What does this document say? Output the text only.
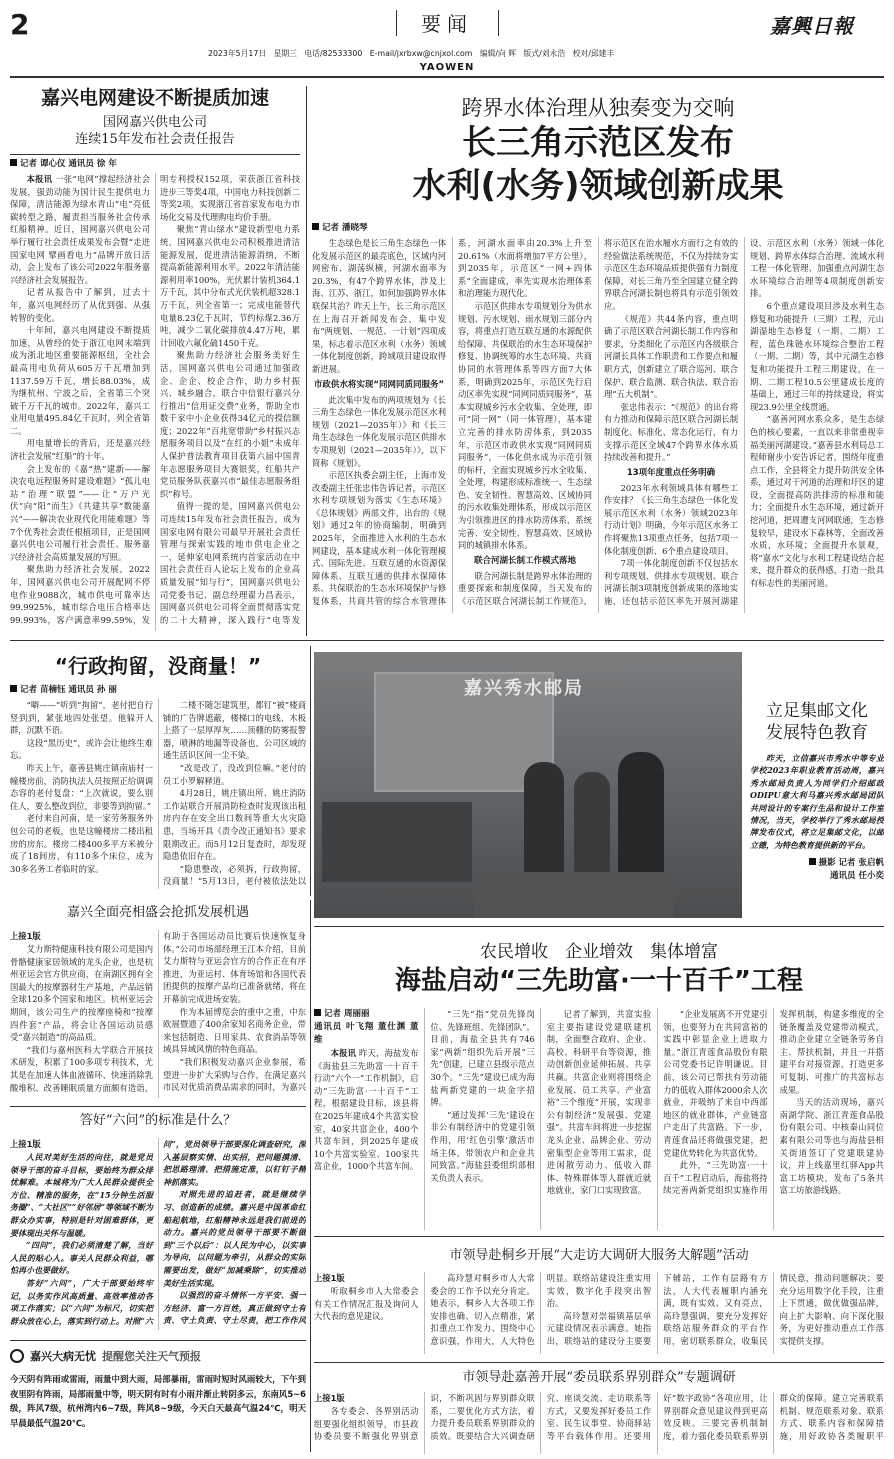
2	要闻	嘉興日報
2023年5月17日 星期三 电话/82533300 E-mail/jxrbxw@cnjxol.com 编辑/向 辉 版式/刘永浩 校对/邱建丰
YAOWEN
嘉兴电网建设不断提质加速
国网嘉兴供电公司
连续15年发布社会责任报告
记者 谭心仪 通讯员 徐 年

本报讯 一张“电网”撑起经济社会发展，强劲动能为国计民生提供电力保障，清洁能源为绿水青山“电”亮低碳转型之路，履责担当服务社会传承红船精神。近日，国网嘉兴供电公司举行履行社会责任成果发布会暨“走进国家电网 擘画看电力”品牌开放日活动，会上发布了该公司2022年服务嘉兴经济社会发展报告。

记者从报告中了解到，过去十年，嘉兴电网经历了从优到强、从强转智的变化。

十年间，嘉兴电网建设不断提质加速，从曾经的处于浙江电网末端到成为浙北地区重要能源枢纽，全社会最高用电负荷从605万千瓦增加到1137.59万千瓦，增长88.03%，成为继杭州、宁波之后，全省第三个突破千万千瓦的城市。2022年，嘉兴工业用电量495.84亿千瓦时，列全省第二。

用电量增长的背后，还是嘉兴经济社会发展“红船”的十年。

会上发布的《嘉“热”建新——解决农电远程服务时建设难题》“孤儿电站”治理“联盟”——让“万户光伏”向“阳”而生》《共建共享“数能嘉兴”——解决农业现代化用能难题》等7个优秀社会责任根植项目，正是国网嘉兴供电公司履行社会责任、服务嘉兴经济社会高质量发展的写照。

聚焦助力经济社会发展，2022年，国网嘉兴供电公司开展配网不停电作业9088次，城市供电可靠率达99.9925%，城市综合电压合格率达99.993%，客户满意率99.59%，发明专利授权152项，荣获浙江省科技进步三等奖4项，中国电力科技创新二等奖2项，实现浙江省首家发布电力市场化交易及代理购电均价手册。

聚焦“青山绿水”建设新型电力系统，国网嘉兴供电公司积极推进清洁能源发展，促进清洁能源消纳，不断提高新能源利用水平。2022年清洁能源利用率100%，光伏累计装机364.1万千瓦，其中分布式光伏装机超328.1万千瓦，列全省第一；完成电能替代电量8.23亿千瓦时，节约标煤2.36万吨，减少二氧化碳排放4.47万吨，累计回收六氟化硫1450千克。

聚焦助力经济社会服务美好生活，国网嘉兴供电公司通过加强政企、企企、校企合作，助力乡村振兴、城乡融合，联合中信银行嘉兴分行推出“信用证交费”业务，帮助全市数千家中小企业获得34亿元的授信额度；2022年“百兆宽带助”乡村振兴志愿服务项目以及“在红的小姐”未成年人保护普法教育项目获第六届中国青年志愿服务项目大赛银奖，红船共产党员服务队获嘉兴市“最佳志愿服务组织”称号。

值得一提的是，国网嘉兴供电公司连续15年发布社会责任报告，成为国家电网有限公司最早开展社会责任管理与探索实践的地市供电企业之一，延伸家电网系统内首家活动在中国社会责任百人论坛上发布的企业高质量发展“知与行”，国网嘉兴供电公司党委书记、副总经理翟力昌表示，国网嘉兴供电公司将全面贯彻落实党的二十大精神，深入践行“电等发

跨界水体治理从独奏变为交响
长三角示范区发布
水利(水务)领域创新成果
记者 潘晓琴

生态绿色是长三角生态绿色一体化发展示范区的最亮底色，区域内河网密布、湖荡纵横，河湖水面率为20.3%，有47个跨界水体，涉及上海、江苏、浙江，如何加强跨界水体联保共治？昨天上午，长三角示范区在上海召开新闻发布会，集中发布“两规划、一规范、一计划”四项成果，标志着示范区水利（水务）领域一体化制度创新，跨域项目建设取得新进展。

市政供水将实现“同网同质同服务”

此次集中发布的两项规划为《长三角生态绿色一体化发展示范区水利规划（2021—2035年）》和《长三角生态绿色一体化发展示范区供排水专项规划（2021—2035年）》，以下简称《规划》。

示范区执委会副主任，上海市发改委副主任张忠伟告诉记者，示范区水利专项规划为落实《生态环境》《总体规划》两部文件，出台的《规划》通过2年的协商编制，明确到2025年，全面推进入水利的生态水网建设，基本建成水利一体化管理模式、国际先进、互联互通的水资源保障体系、互联互通的供排水保障体系、共保联治的生态水环境保护与修复体系，共商共管的综合水管理体系，河湖水面率由20.3%上升至20.61%（水面将增加7平方公里），到2035年，示范区“一网+四体系”全面建成，率先实现水治理体系和治理能力现代化。

示范区供排水专项规划分为供水规划、污水规划、雨水规划三部分内容，将重点打造互联互通的水源配供给保障、共保联治的水生态环境保护修复、协调统筹的水生态环境、共商协同的水管理体系等四方面7大体系，明确到2025年，示范区先行启动区率先实现“同网同质同服务”，基本实现城乡污水全收集、全处理，即可“同一网”（同一体管理），基本建立完善的排水防涝体系，到2035年，示范区市政供水实现“同网同质同服务”，一体化供水成为示范引领的标杆，全面实现城乡污水全收集、全处理，构建形成标准统一、生态绿色、安全韧性、智慧高效、区域协同的污水收集处理体系，形成以示范区为引领推进区的排水防涝体系，系统完善、安全韧性、智慧高效、区域协同的城镇排水体系。

联合河湖长制工作模式落地

联合河湖长制是跨界水体治理的重要探索和制度保障，当天发布的《示范区联合河湖长制工作规范》，将示范区在治水履水方面行之有效的经验做法系统规范，不仅为持续夯实示范区生态环境品质提供强有力制度保障，对长三角乃至全国建立健全跨界联合河湖长制也将具有示范引领效应。

《规范》共44条内容，重点明确了示范区联合河湖长制工作内容和要求，分类细化了示范区内各级联合河湖长具体工作职责和工作要点和履职方式，创新建立了联合巡河、联合保护、联合监测、联合执法、联合治理“五大机制”。

张忠伟表示：“《规范》的出台将有力推动和保障示范区联合河湖长制制度化、标准化、常态化运行，有力支撑示范区全域47个跨界水体水质持续改善和提升。”

13项年度重点任务明确

2023年水利领域具体有哪些工作安排？《长三角生态绿色一体化发展示范区水利（水务）领域2023年行动计划》明确，今年示范区水务工作将聚焦13项重点任务，包括7项一体化制度创新、6个重点建设项目。

7项一体化制度创新不仅包括水利专项规划、供排水专项规划、联合河湖长制3项制度创新成果的落地实施，还包括示范区率先开展河湖建设、示范区水利（水务）领域一体化规划、跨界水体综合治理、流域水利工程一体化管理、加强重点河湖生态水环境综合治理等4项制度创新安排。

6个重点建设项目涉及水利生态修复和功能提升（三期）工程，元山湖湿地生态修复（一期、二期）工程，蓝色珠链水环境综合整治工程（一期、二期）等，其中元湖生态修复和功能提升工程三期建设，在一期、二期工程10.5公里建成长度的基础上，通过三年的持续建设，将实现23.9公里全线贯通。

“嘉善河网水系众多，是生态绿色的核心要素，一直以来非常重视幸福美丽河湖建设。”嘉善县水利局总工程师谢步小安告诉记者，围绕年度重点工作，全县将全力提升防洪安全体系，通过对干河道的治理和圩区的建设，全面提高防洪排涝的标准和能力；全面提升水生态环境，通过新开挖河道，把周遭支河网联通，生态修复较早，建设水下森林等，全面改善水质，水环境；全面提升水景观，将“嘉水”文化与水利工程建设结合起来，提升群众的获得感，打造一批具有标志性的美丽河道。

“行政拘留，没商量！”
记者 苗楠钰 通讯员 孙 丽

“噼——”听到“拘留”，老付把自行竖到到，紧张地四处张望。他躲开人群，沉默不语。

这段“黑历史”，或许会让他终生难忘。

昨天上午，嘉善县姚庄镇南庙村一幢楼房前，消防执法人员按照正给调调态容的老付复盘：“上次就说，要么别住人，要么整改到位，非要等到拘留。”

老付来自河南，是一家劳务服务外包公司的老板，也是这幢楼房二楼出租房的房东。楼房二楼400多平方米被分成了18间房，有110多个床位，成为30多名务工者临时的家。

二楼不随怎建筑里，都钉“被”楼商铺的广告牌遮蔽，楼梯口的电线、木板上搭了一层厚厚灰……顶棚的防雾报警器，喷淋的地漏等设备也，公司区域的通生活识区间一尘不染。

“改是改了，没改到位嘛。”老付的员工小罗解释道。

4月28日，姚庄镇出所、姚庄消防工作站联合开展消防检查时发现该出租房内存在安全出口数间等重大火灾隐患，当场开具《责令改正通知书》要求限期改正。而5月12日复查时，却发现隐患依旧存在。

“隐患整改，必须拆，行政拘留，没商量！”5月13日，老付被依法处以

嘉兴秀水邮局
立足集邮文化
发展特色教育

昨天，立信嘉兴市秀水中等专业学校2023年职业教育活动周，嘉兴秀水邮局负责人为同学们介绍邮政ODIPU意大利马嘉兴秀水邮局团队共同设计的专案行生品和设计工作室情况，当天，学校举行了秀水邮局授牌发布仪式，将立足集邮文化，以邮立德，为特色教育提供新的平台。

摄影 记者 张启帆
通讯员 任小奕
嘉兴全面亮相盛会抢抓发展机遇
上接1版

艾力斯特健康科技有限公司是国内骨骼健康家居领域的龙头企业，也是杭州亚运会官方供应商，在南湖区拥有全国最大的按摩器材生产基地，产品远销全球120多个国家和地区。杭州亚运会期间，该公司生产的按摩座椅和“按摩四件套”产品，将会让各国运动员感受“嘉兴制造”的高品质。

“我们与嘉州医科大学联合开展技术研发，积累了100多项专利技术，尤其是在加速人体血液循环、快速消除乳酸堆积、改善睡眠质量方面颇有造诣，有助于各国运动员比赛后快速恢复身体。”公司市场部经理王江本介绍，目前艾力斯特与亚运会官方的合作正在有序推进，为亚运村、体育场馆和各国代表团提供的按摩产品均已准备就绪，将在开幕前完成进场安装。

作为本届博览会的重中之重，中东欧展暨遗了400余家知名商务企业，带来包括制造、日用家具、农食消品等领域具异域风情的特色商品。

“我们积极发动嘉兴企业参展，希望进一步扩大采购与合作，在满足嘉兴市民对优质消费品需求的同时，为嘉兴

农民增收　企业增效　集体增富
海盐启动“三先助富·一十百千”工程
记者 周丽丽
通讯员 叶飞翔 董仕渊 董 维

本报讯 昨天，海盐发布《海盐县三先助富一十百千行动“六个一”工作机制》，启动“三先助富·一十百千”工程，根据建设目标，该县将在2025年建成4个共富实验室，40家共富企业，400个共富车间，到2025年建成10个共富实验室、100家共富企业，1000个共富车间。

“三先”指“党员先锋岗位、先锋班组、先锋团队”。目前，海盐全县共有746家“两新”组织先后开展“三先”创建，已建立县级示范点30个。“三先”建设已成为海盐两新党建的一块金字招牌。

“通过发挥‘三先’建设在非公有制经济中的党建引领作用，用‘红色引擎’激活市场主体，带领农户和企业共同致富。”海盐县委组织部相关负责人表示。

记者了解到，共富实验室主要指建设党建联建机制，全面整合政府、企业、高校、科研平台等资源，推动创新创业延伸拓展、共享共赢。共富企业则将围绕企业发展、员工共享、产业富裕“三个维度”开展，实现非公有制经济“发展强、党建强”。共富车间将进一步挖掘龙头企业、品牌企业、劳动密集型企业等用工需求，促进闲散劳动力、低收入群体、特殊群体等人群就近就地就业，家门口实现致富。

“企业发展离不开党建引领，也要努力在共同富裕的实践中彰显企业上进取力量。”浙江青莲食品股份有限公司党委书记许明谦说。目前，该公司已帮扶有劳动能力的低收入群体2000余人次就业，并吸纳了来自中西部地区的就业群体，产业链富户走出了共富路。下一步，青莲食品还将做强党建，把党建优势转化为共富优势。

此外，“三先助富·一十百千”工程启动后，海盐将持续完善两新党组织实施作用发挥机制，构建多维度的全链条覆盖及党建带动模式，推动企业建立全链条劳务自主、帮扶机制，并且一并搭建平台对接资源，打造更多可复制、可推广的共富标志成果。

当天的活动现场，嘉兴南湖学院、浙江青莲食品股份有限公司、中核秦山同位素有限公司等也与海盐县相关街道签订了党建联建协议，并上线嘉里红驿App共富工坊模块，发布了5条共富工坊旅游线路。

答好“六问”的标准是什么？
上接1版

人民对美好生活的向往，就是党员领导干部的奋斗目标，要始终为群众排忧解难。本城将为广大人民群众提供全方位、精准的服务，在“15分钟生活服务圈”、“大社区”“好邻居”等领域不断为群众办实事，特别是针对困难群体，更要体现出关怀与温暖。

“四问”，我们必须清楚了解，当好人民的贴心人。事关人民群众利益，哪怕再小也要做好。

答好“六问”，广大干部要始终牢记，以务实作风高质量、高效率推动各项工作落实；以“六问”为标尺，切实把群众放在心上，落实到行动上。对照“六问”，党员领导干部要深化调查研究，深入基层察实情、出实招，把问题摸清、把思路理清、把措施定准，以钉钉子精神抓落实。

对照先进的追赶者，就是继续学习、创造新的成绩。嘉兴是中国革命红船起航地，红船精神永远是我们前进的动力。嘉兴的党员领导干部要不断做到“三个以后”：以人民为中心，以实事为导向，以问题为牵引，从群众的实际需要出发，做好“加减乘除”，切实推动美好生活实现。

以强烈的奋斗情怀一方平安、强一方经济、富一方百姓，真正做到守土有责、守土负责、守土尽责，把工作作风

市领导赴桐乡开展“大走访大调研大服务大解题”活动
上接1版

听取桐乡市人大常委会有关工作情况汇报及询问人大代表的意见建议。

高玲慧对桐乡市人大常委会的工作予以充分肯定。她表示，桐乡人大各项工作安排也确、切入点精准，紧扣重点工作发力、围绕中心意识强，作用大，人大特色明显。联络站建设注重实用实效，数字化手段突出智治。

高玲慧对崇福镇基层单元建设情况表示满意。她指出，联络站的建设分主要要下辅站，工作有层路有方法，人大代表履职内涵充满，既有实效、又有亮点，高玲慧强调，要充分发挥好联络站服务群众的平台作用，密切联系群众，收集民情民意，推动问题解决；要充分运用数字化手段，注重上下贯通，做优做强品牌，向上扩大影响、向下深化服务，为更好推动重点工作落实提供支撑。

嘉兴大病无忧 提醒您关注天气预报
今天阴有阵雨或雷雨，雨量中到大雨，局部暴雨，雷雨时短时风雨较大，下午到夜里阴有阵雨，局部雨量中等，明天阴有时有小雨并渐止转阴多云，东南风5~6级，阵风7级，杭州湾内6~7级，阵风8~9级，今天白天最高气温24℃，明天早晨最低气温20℃。
市领导赴嘉善开展“委员联系界别群众”专题调研
上接1版

各专委会、各界别活动组要强化组织领导，市县政协委员要不断强化界别意识，不断巩固与界别群众联系，二要优化方式方法，着力提升委员联系界别群众的质效。既要结合大兴调查研究、座谈交流、走访联系等方式，又要发挥好委员工作室、民生议事堂、协商驿站等平台载体作用。还要用好“数字政协”各项应用，让界别群众意见建议得到更高效反映。三要完善机制制度，着力强化委员联系界别群众的保障。建立完善联系机制、规范联系对象、联系方式、联系内容和保障措施，用好政协各类履职平
